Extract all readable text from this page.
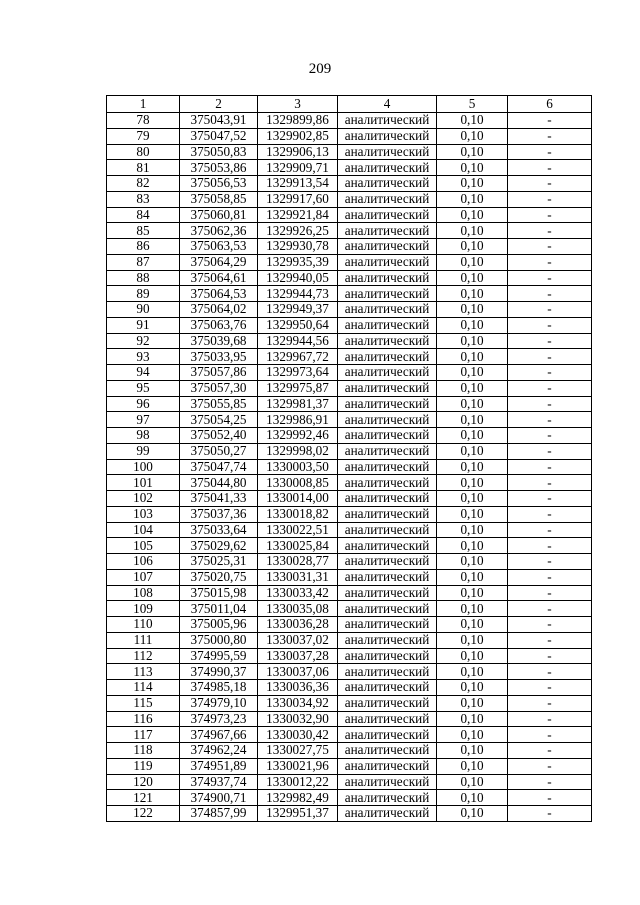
209
1	2	3	4	5	6
78	375043,91	1329899,86	аналитический	0,10	-
79	375047,52	1329902,85	аналитический	0,10	-
80	375050,83	1329906,13	аналитический	0,10	-
81	375053,86	1329909,71	аналитический	0,10	-
82	375056,53	1329913,54	аналитический	0,10	-
83	375058,85	1329917,60	аналитический	0,10	-
84	375060,81	1329921,84	аналитический	0,10	-
85	375062,36	1329926,25	аналитический	0,10	-
86	375063,53	1329930,78	аналитический	0,10	-
87	375064,29	1329935,39	аналитический	0,10	-
88	375064,61	1329940,05	аналитический	0,10	-
89	375064,53	1329944,73	аналитический	0,10	-
90	375064,02	1329949,37	аналитический	0,10	-
91	375063,76	1329950,64	аналитический	0,10	-
92	375039,68	1329944,56	аналитический	0,10	-
93	375033,95	1329967,72	аналитический	0,10	-
94	375057,86	1329973,64	аналитический	0,10	-
95	375057,30	1329975,87	аналитический	0,10	-
96	375055,85	1329981,37	аналитический	0,10	-
97	375054,25	1329986,91	аналитический	0,10	-
98	375052,40	1329992,46	аналитический	0,10	-
99	375050,27	1329998,02	аналитический	0,10	-
100	375047,74	1330003,50	аналитический	0,10	-
101	375044,80	1330008,85	аналитический	0,10	-
102	375041,33	1330014,00	аналитический	0,10	-
103	375037,36	1330018,82	аналитический	0,10	-
104	375033,64	1330022,51	аналитический	0,10	-
105	375029,62	1330025,84	аналитический	0,10	-
106	375025,31	1330028,77	аналитический	0,10	-
107	375020,75	1330031,31	аналитический	0,10	-
108	375015,98	1330033,42	аналитический	0,10	-
109	375011,04	1330035,08	аналитический	0,10	-
110	375005,96	1330036,28	аналитический	0,10	-
111	375000,80	1330037,02	аналитический	0,10	-
112	374995,59	1330037,28	аналитический	0,10	-
113	374990,37	1330037,06	аналитический	0,10	-
114	374985,18	1330036,36	аналитический	0,10	-
115	374979,10	1330034,92	аналитический	0,10	-
116	374973,23	1330032,90	аналитический	0,10	-
117	374967,66	1330030,42	аналитический	0,10	-
118	374962,24	1330027,75	аналитический	0,10	-
119	374951,89	1330021,96	аналитический	0,10	-
120	374937,74	1330012,22	аналитический	0,10	-
121	374900,71	1329982,49	аналитический	0,10	-
122	374857,99	1329951,37	аналитический	0,10	-
